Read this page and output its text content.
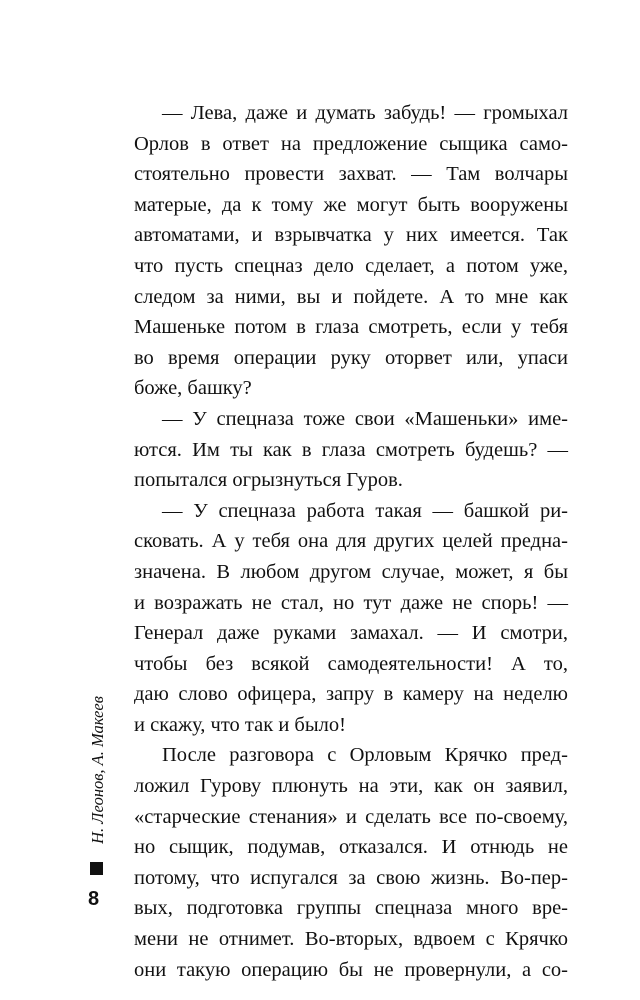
— Лева, даже и думать забудь! — громыхал
Орлов в ответ на предложение сыщика само-
стоятельно провести захват. — Там волчары
матерые, да к тому же могут быть вооружены
автоматами, и взрывчатка у них имеется. Так
что пусть спецназ дело сделает, а потом уже,
следом за ними, вы и пойдете. А то мне как
Машеньке потом в глаза смотреть, если у тебя
во время операции руку оторвет или, упаси
боже, башку?
— У спецназа тоже свои «Машеньки» име-
ются. Им ты как в глаза смотреть будешь? —
попытался огрызнуться Гуров.
— У спецназа работа такая — башкой ри-
сковать. А у тебя она для других целей предна-
значена. В любом другом случае, может, я бы
и возражать не стал, но тут даже не спорь! —
Генерал даже руками замахал. — И смотри,
чтобы без всякой самодеятельности! А то,
даю слово офицера, запру в камеру на неделю
и скажу, что так и было!
После разговора с Орловым Крячко пред-
ложил Гурову плюнуть на эти, как он заявил,
«старческие стенания» и сделать все по-своему,
но сыщик, подумав, отказался. И отнюдь не
потому, что испугался за свою жизнь. Во-пер-
вых, подготовка группы спецназа много вре-
мени не отнимет. Во-вторых, вдвоем с Крячко
они такую операцию бы не провернули, а со-
Н. Леонов, А. Макеев
8
